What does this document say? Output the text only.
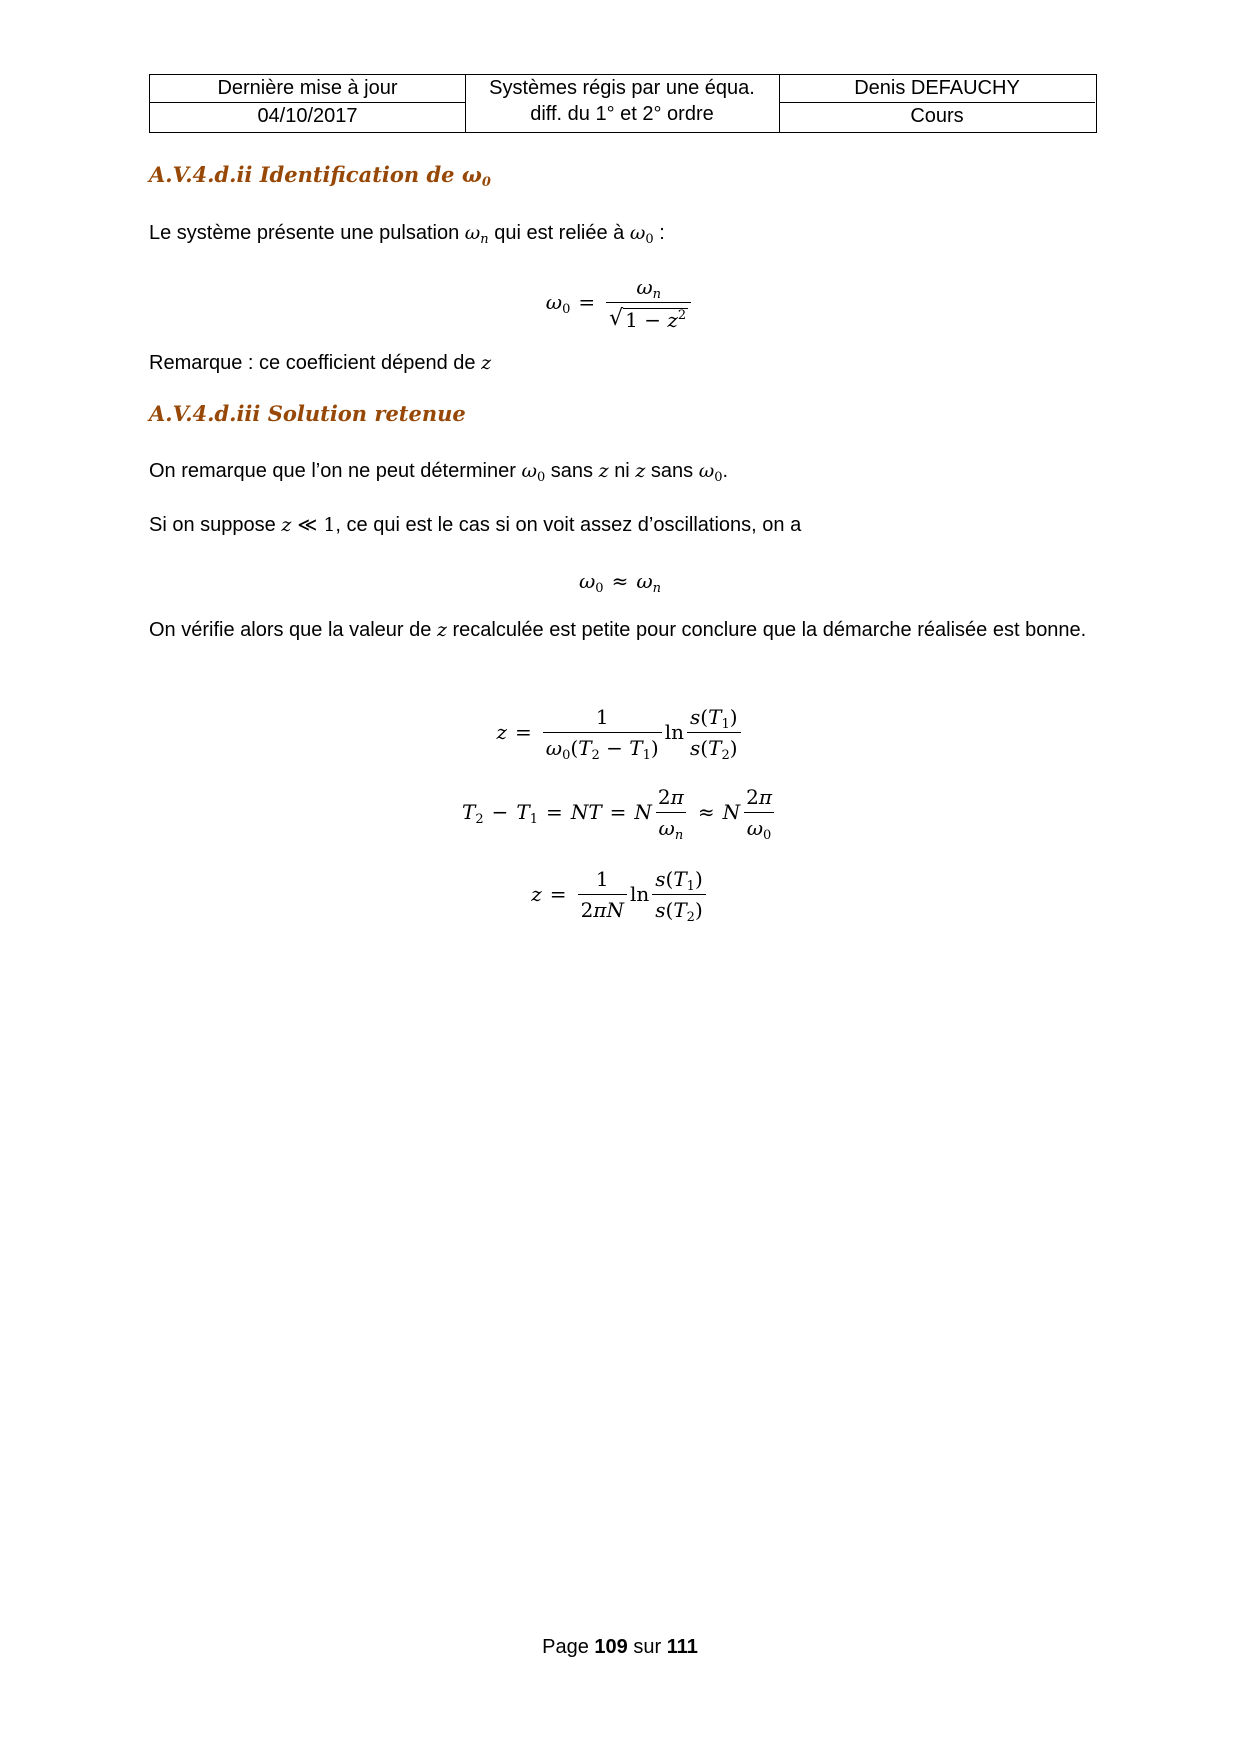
Dernière mise à jour
04/10/2017
Systèmes régis par une équa.
diff. du 1° et 2° ordre
Denis DEFAUCHY
Cours
A.V.4.d.ii Identification de $\omega_0$
Le système présente une pulsation $\omega_n$ qui est reliée à $\omega_0$ :
$\omega_0 = \frac{\omega_n}{√ 1 - z^2}$
Remarque : ce coefficient dépend de z
A.V.4.d.iii Solution retenue
On remarque que l’on ne peut déterminer $\omega_0$ sans z ni z sans $\omega_0$.
Si on suppose z ≪ 1, ce qui est le cas si on voit assez d’oscillations, on a
$\omega_0 \approx \omega_n$
On vérifie alors que la valeur de z recalculée est petite pour conclure que la démarche réalisée est bonne.
$z = \frac{1}{\omega_0(T_2 - T_1)}$ $\ln \frac{s(T_1)}{s(T_2)}$
$T_2 - T_1$ = NT = N $\frac{2\pi}{\omega_n} \approx N \frac{2\pi}{\omega_0}$
$z = \frac{1}{2\pi N}$ $\ln \frac{s(T_1)}{s(T_2)}$
Page 109 sur 111
